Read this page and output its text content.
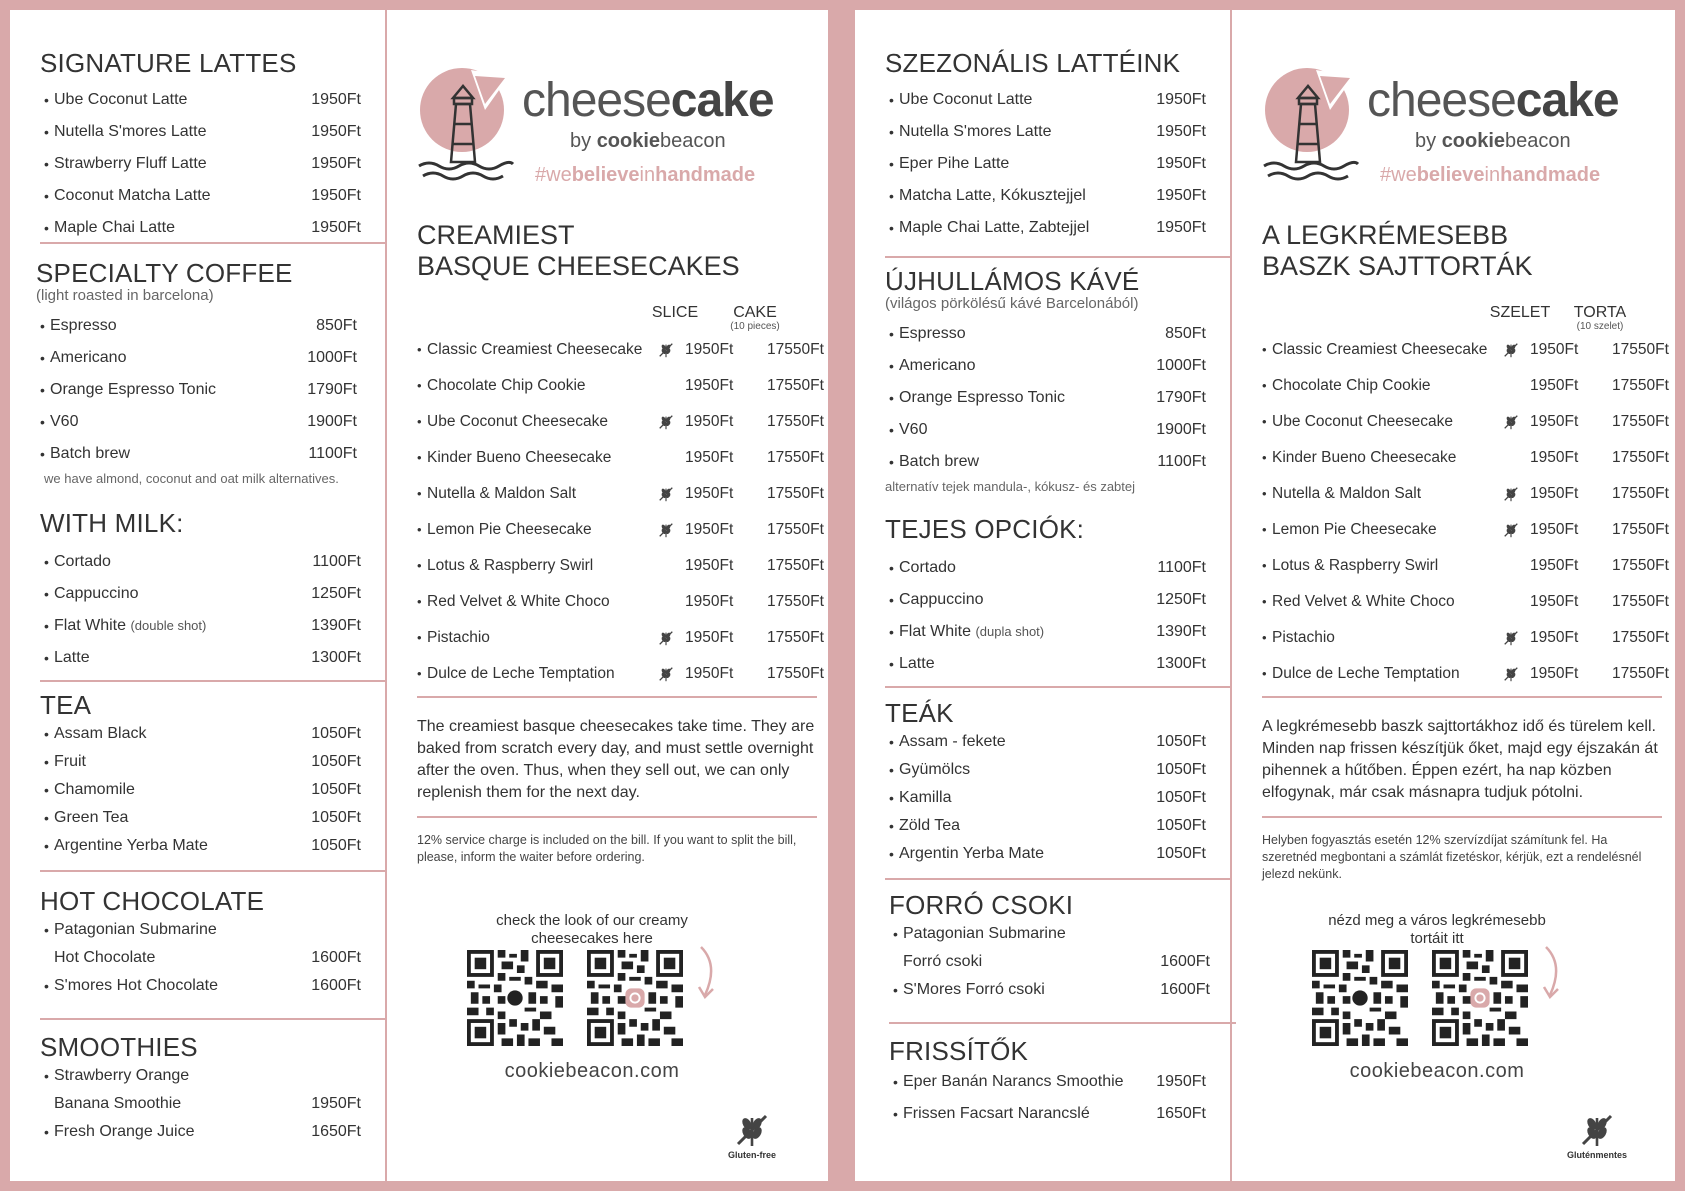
SIGNATURE LATTES
• Ube Coconut Latte	1950Ft
• Nutella S'mores Latte	1950Ft
• Strawberry Fluff Latte	1950Ft
• Coconut Matcha Latte	1950Ft
• Maple Chai Latte	1950Ft
SPECIALTY COFFEE
(light roasted in barcelona)
• Espresso	850Ft
• Americano	1000Ft
• Orange Espresso Tonic	1790Ft
• V60	1900Ft
• Batch brew	1100Ft
we have almond, coconut and oat milk alternatives.
WITH MILK:
• Cortado	1100Ft
• Cappuccino	1250Ft
• Flat White (double shot)	1390Ft
• Latte	1300Ft
TEA
• Assam Black	1050Ft
• Fruit	1050Ft
• Chamomile	1050Ft
• Green Tea	1050Ft
• Argentine Yerba Mate	1050Ft
HOT CHOCOLATE
• Patagonian Submarine
Hot Chocolate	1600Ft
• S'mores Hot Chocolate	1600Ft
SMOOTHIES
• Strawberry Orange
Banana Smoothie	1950Ft
• Fresh Orange Juice	1650Ft
cheesecake
by cookiebeacon
#webelieveinhandmade
CREAMIEST
BASQUE CHEESECAKES
SLICE	CAKE
(10 pieces)
• Classic Creamiest Cheesecake	1950Ft 17550Ft
• Chocolate Chip Cookie	1950Ft 17550Ft
• Ube Coconut Cheesecake	1950Ft 17550Ft
• Kinder Bueno Cheesecake	1950Ft 17550Ft
• Nutella & Maldon Salt	1950Ft 17550Ft
• Lemon Pie Cheesecake	1950Ft 17550Ft
• Lotus & Raspberry Swirl	1950Ft 17550Ft
• Red Velvet & White Choco	1950Ft 17550Ft
• Pistachio	1950Ft 17550Ft
• Dulce de Leche Temptation	1950Ft 17550Ft
The creamiest basque cheesecakes take time. They are baked from scratch every day, and must settle overnight after the oven. Thus, when they sell out, we can only replenish them for the next day.
12% service charge is included on the bill. If you want to split the bill, please, inform the waiter before ordering.
check the look of our creamy cheesecakes here
cookiebeacon.com
Gluten-free
SZEZONÁLIS LATTÉINK
• Ube Coconut Latte	1950Ft
• Nutella S'mores Latte	1950Ft
• Eper Pihe Latte	1950Ft
• Matcha Latte, Kókusztejjel	1950Ft
• Maple Chai Latte, Zabtejjel	1950Ft
ÚJHULLÁMOS KÁVÉ
(világos pörkölésű kávé Barcelonából)
• Espresso	850Ft
• Americano	1000Ft
• Orange Espresso Tonic	1790Ft
• V60	1900Ft
• Batch brew	1100Ft
alternatív tejek mandula-, kókusz- és zabtej
TEJES OPCIÓK:
• Cortado	1100Ft
• Cappuccino	1250Ft
• Flat White (dupla shot)	1390Ft
• Latte	1300Ft
TEÁK
• Assam - fekete	1050Ft
• Gyümölcs	1050Ft
• Kamilla	1050Ft
• Zöld Tea	1050Ft
• Argentin Yerba Mate	1050Ft
FORRÓ CSOKI
• Patagonian Submarine
Forró csoki	1600Ft
• S'Mores Forró csoki	1600Ft
FRISSÍTŐK
• Eper Banán Narancs Smoothie 1950Ft
• Frissen Facsart Narancslé	1650Ft
cheesecake
by cookiebeacon
#webelieveinhandmade
A LEGKRÉMESEBB
BASZK SAJTTORTÁK
SZELET	TORTA
(10 szelet)
• Classic Creamiest Cheesecake	1950Ft 17550Ft
• Chocolate Chip Cookie	1950Ft 17550Ft
• Ube Coconut Cheesecake	1950Ft 17550Ft
• Kinder Bueno Cheesecake	1950Ft 17550Ft
• Nutella & Maldon Salt	1950Ft 17550Ft
• Lemon Pie Cheesecake	1950Ft 17550Ft
• Lotus & Raspberry Swirl	1950Ft 17550Ft
• Red Velvet & White Choco	1950Ft 17550Ft
• Pistachio	1950Ft 17550Ft
• Dulce de Leche Temptation	1950Ft 17550Ft
A legkrémesebb baszk sajttortákhoz idő és türelem kell. Minden nap frissen készítjük őket, majd egy éjszakán át pihennek a hűtőben. Éppen ezért, ha nap közben elfogynak, már csak másnapra tudjuk pótolni.
Helyben fogyasztás esetén 12% szervízdíjat számítunk fel. Ha szeretnéd megbontani a számlát fizetéskor, kérjük, ezt a rendelésnél jelezd nekünk.
nézd meg a város legkrémesebb tortáit itt
cookiebeacon.com
Gluténmentes
